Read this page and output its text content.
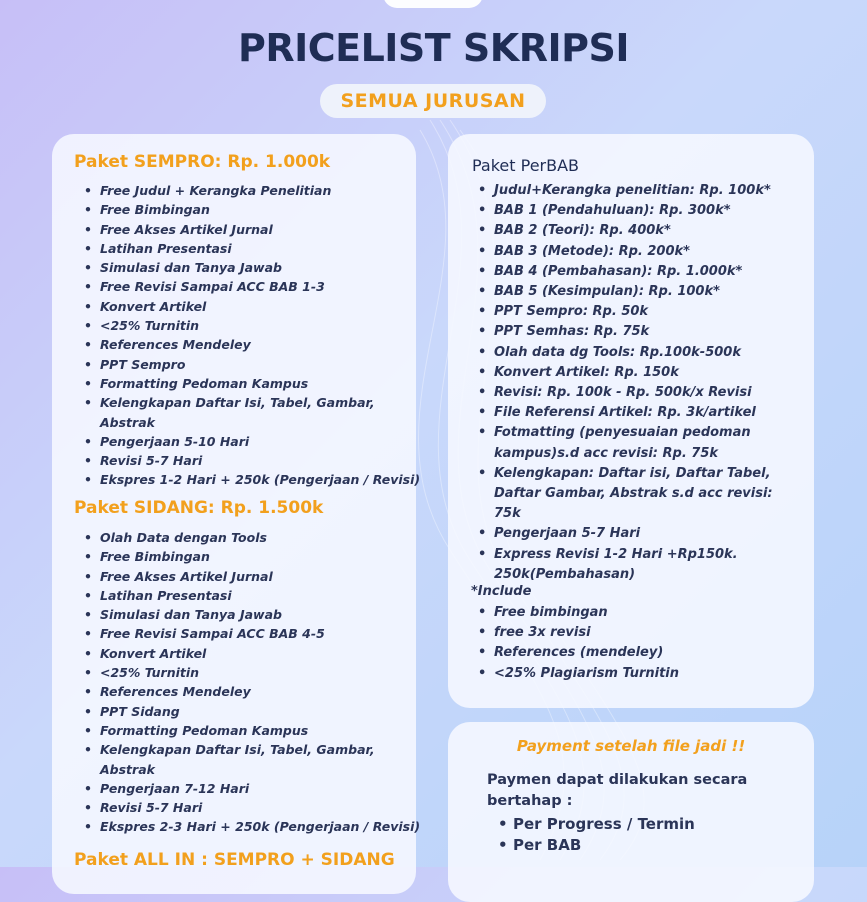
PRICELIST SKRIPSI
SEMUA JURUSAN
Paket SEMPRO: Rp. 1.000k
• Free Judul + Kerangka Penelitian
• Free Bimbingan
• Free Akses Artikel Jurnal
• Latihan Presentasi
• Simulasi dan Tanya Jawab
• Free Revisi Sampai ACC BAB 1-3
• Konvert Artikel
• <25% Turnitin
• References Mendeley
• PPT Sempro
• Formatting Pedoman Kampus
• Kelengkapan Daftar Isi, Tabel, Gambar, Abstrak
• Pengerjaan 5-10 Hari
• Revisi 5-7 Hari
• Ekspres 1-2 Hari + 250k (Pengerjaan / Revisi)
Paket SIDANG: Rp. 1.500k
• Olah Data dengan Tools
• Free Bimbingan
• Free Akses Artikel Jurnal
• Latihan Presentasi
• Simulasi dan Tanya Jawab
• Free Revisi Sampai ACC BAB 4-5
• Konvert Artikel
• <25% Turnitin
• References Mendeley
• PPT Sidang
• Formatting Pedoman Kampus
• Kelengkapan Daftar Isi, Tabel, Gambar, Abstrak
• Pengerjaan 7-12 Hari
• Revisi 5-7 Hari
• Ekspres 2-3 Hari + 250k (Pengerjaan / Revisi)
Paket ALL IN : SEMPRO + SIDANG
Paket PerBAB
• Judul+Kerangka penelitian: Rp. 100k*
• BAB 1 (Pendahuluan): Rp. 300k*
• BAB 2 (Teori): Rp. 400k*
• BAB 3 (Metode): Rp. 200k*
• BAB 4 (Pembahasan): Rp. 1.000k*
• BAB 5 (Kesimpulan): Rp. 100k*
• PPT Sempro: Rp. 50k
• PPT Semhas: Rp. 75k
• Olah data dg Tools: Rp.100k-500k
• Konvert Artikel: Rp. 150k
• Revisi: Rp. 100k - Rp. 500k/x Revisi
• File Referensi Artikel: Rp. 3k/artikel
• Fotmatting (penyesuaian pedoman kampus)s.d acc revisi: Rp. 75k
• Kelengkapan: Daftar isi, Daftar Tabel, Daftar Gambar, Abstrak s.d acc revisi: 75k
• Pengerjaan 5-7 Hari
• Express Revisi 1-2 Hari +Rp150k. 250k(Pembahasan)
*Include
• Free bimbingan
• free 3x revisi
• References (mendeley)
• <25% Plagiarism Turnitin
Payment setelah file jadi !!
Paymen dapat dilakukan secara bertahap :
• Per Progress / Termin
• Per BAB
